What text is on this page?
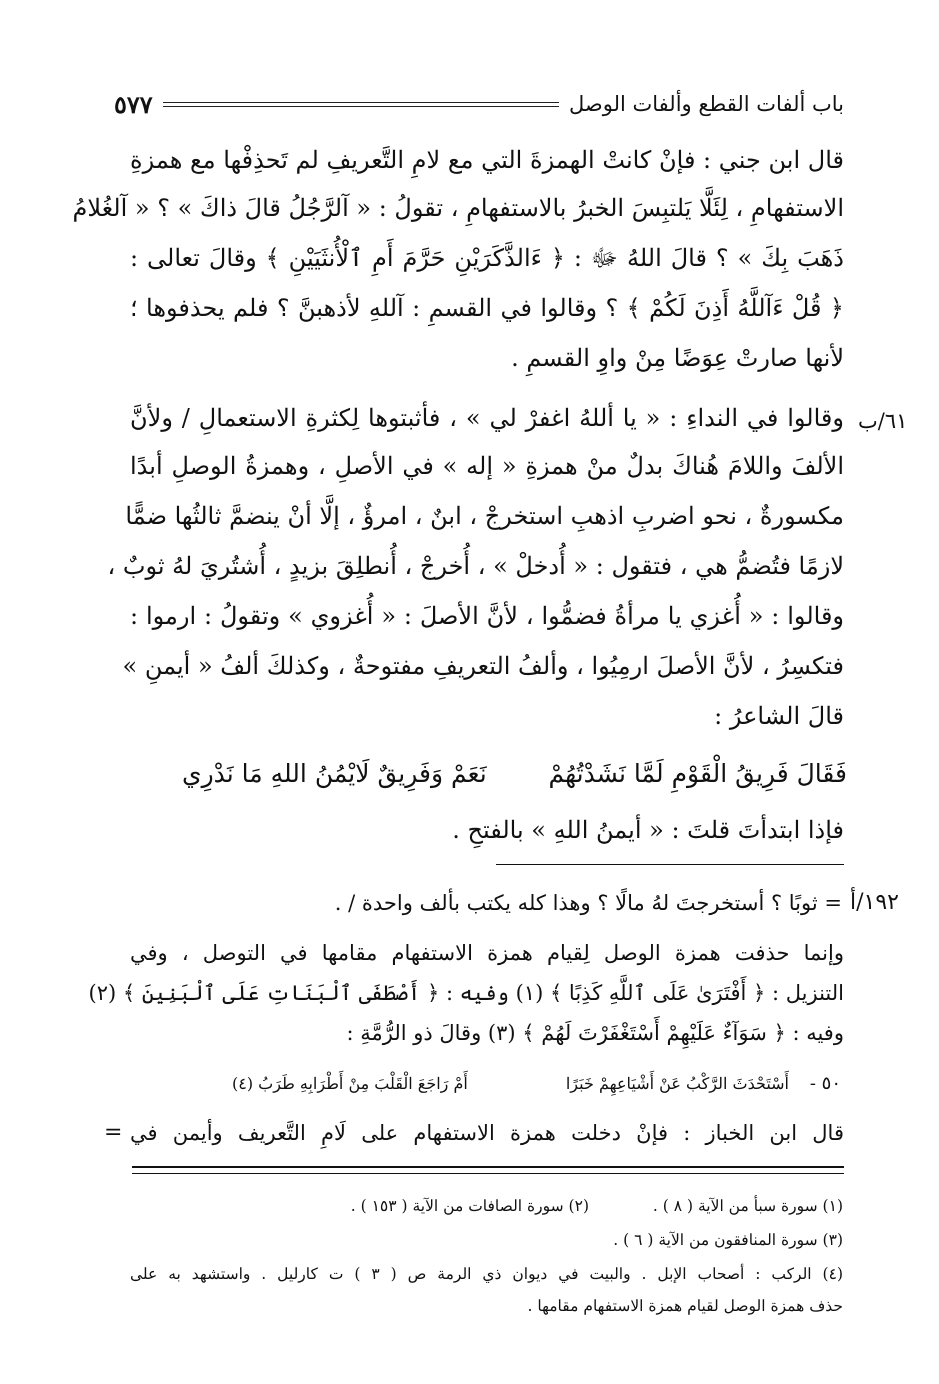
باب ألفات القطع وألفات الوصل
٥٧٧
قال ابن جني : فإنْ كانتْ الهمزةَ التي مع لامِ التَّعريفِ لم تَحذِفْها مع همزةِ
الاستفهامِ ، لِئَلَّا يَلتبِسَ الخبرُ بالاستفهامِ ، تقولُ : « آلرَّجُلُ قالَ ذاكَ » ؟ « آلغُلامُ
ذَهَبَ بِكَ » ؟ قالَ اللهُ ﷻ : ﴿ ءَالذَّكَرَيْنِ حَرَّمَ أَمِ ٱلْأُنثَيَيْنِ ﴾ وقالَ تعالى :
﴿ قُلْ ءَآللَّهُ أَذِنَ لَكُمْ ﴾ ؟ وقالوا في القسمِ : آللهِ لأذهبنَّ ؟ فلم يحذفوها ؛
لأنها صارتْ عِوَضًا مِنْ واوِ القسمِ .
٦١/ب
وقالوا في النداءِ : « يا أللهُ اغفرْ لي » ، فأثبتوها لِكثرةِ الاستعمالِ / ولأنَّ
الألفَ واللامَ هُناكَ بدلٌ منْ همزةِ « إله » في الأصلِ ، وهمزةُ الوصلِ أبدًا
مكسورةٌ ، نحو اضربِ اذهبِ استخرجْ ، ابنٌ ، امرؤٌ ، إلَّا أنْ ينضمَّ ثالثُها ضمًّا
لازمًا فتُضمُّ هي ، فتقول : « أُدخلْ » ، أُخرجْ ، أُنطلِقَ بزيدٍ ، أُشتُريَ لهُ ثوبٌ ،
وقالوا : « أُغزي يا مرأةُ فضمُّوا ، لأنَّ الأصلَ : « أُغزوي » وتقولُ : ارموا :
فتكسِرُ ، لأنَّ الأصلَ ارمِيُوا ، وألفُ التعريفِ مفتوحةٌ ، وكذلكَ ألفُ « أيمنِ »
قالَ الشاعرُ :
فَقَالَ فَرِيقُ الْقَوْمِ لَمَّا نَشَدْتُهُمْ
نَعَمْ وَفَرِيقٌ لَايْمُنُ اللهِ مَا نَدْرِي
فإذا ابتدأتَ قلتَ : « أيمنُ اللهِ » بالفتحِ .
١٩٢/أ
= ثوبًا ؟ أستخرجتَ لهُ مالًا ؟ وهذا كله يكتب بألف واحدة / .
وإنما حذفت همزة الوصل لِقيام همزة الاستفهام مقامها في التوصل ، وفي
التنزيل : ﴿ أَفْتَرَىٰ عَلَى ٱللَّهِ كَذِبًا ﴾ (١) وفيه : ﴿ أَصْطَفَى ٱلْبَنَاتِ عَلَى ٱلْبَنِينَ ﴾ (٢)
وفيه : ﴿ سَوَآءٌ عَلَيْهِمْ أَسْتَغْفَرْتَ لَهُمْ ﴾ (٣) وقالَ ذو الرُّمَّةِ :
٥٠ -
أَسْتَحْدَثَ الرَّكْبُ عَنْ أَشْيَاعِهِمْ خَبَرًا
أَمْ رَاجَعَ الْقَلْبَ مِنْ أَطْرَابِهِ طَرَبُ (٤)
قال ابن الخباز : فإنْ دخلت همزة الاستفهام على لَامِ التَّعريف وأيمن في
=
(١) سورة سبأ من الآية ( ٨ ) .
(٢) سورة الصافات من الآية ( ١٥٣ ) .
(٣) سورة المنافقون من الآية ( ٦ ) .
(٤) الركب : أصحاب الإبل . والبيت في ديوان ذي الرمة ص ( ٣ ) ت كارليل . واستشهد به على
حذف همزة الوصل لقيام همزة الاستفهام مقامها .
